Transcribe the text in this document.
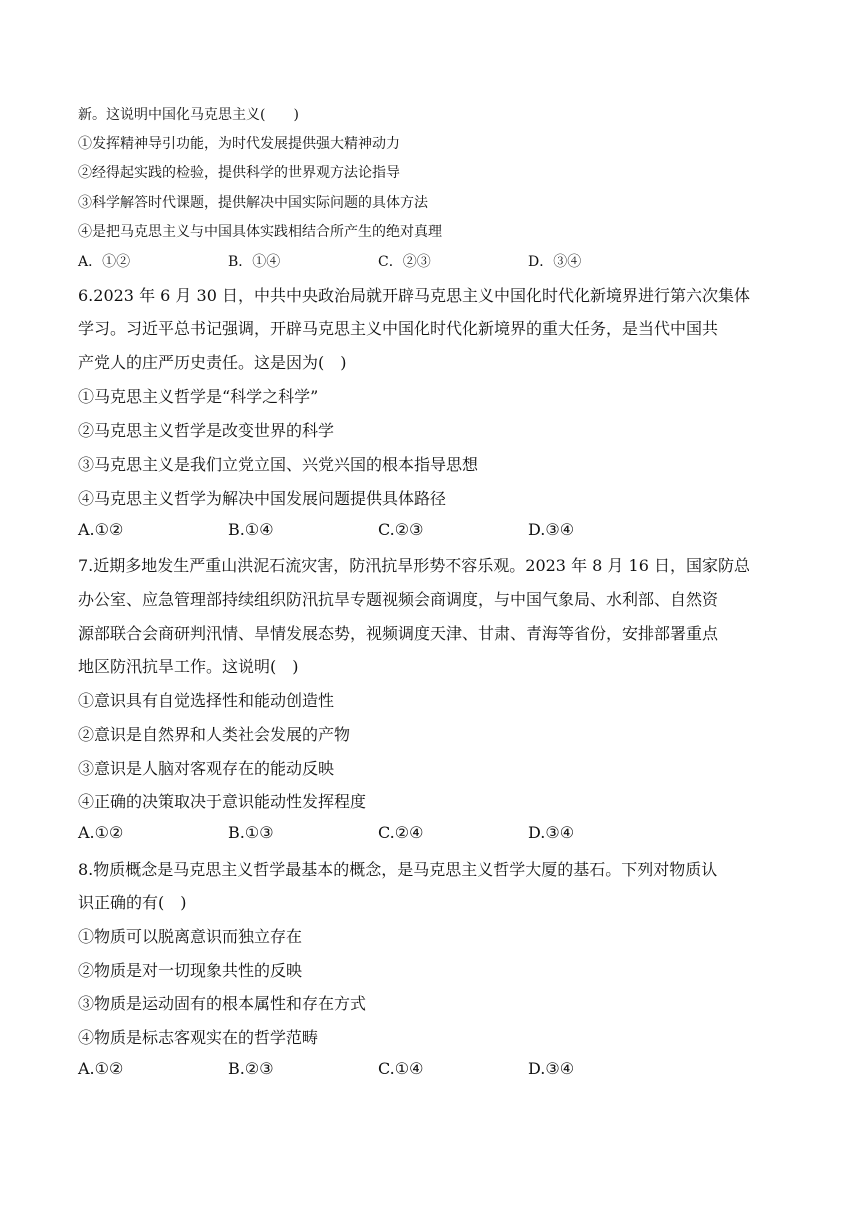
新。这说明中国化马克思主义(　　)
①发挥精神导引功能，为时代发展提供强大精神动力
②经得起实践的检验，提供科学的世界观方法论指导
③科学解答时代课题，提供解决中国实际问题的具体方法
④是把马克思主义与中国具体实践相结合所产生的绝对真理
A．①②	B．①④	C．②③	D．③④
6.2023 年 6 月 30 日，中共中央政治局就开辟马克思主义中国化时代化新境界进行第六次集体
学习。习近平总书记强调，开辟马克思主义中国化时代化新境界的重大任务，是当代中国共
产党人的庄严历史责任。这是因为(　)
①马克思主义哲学是“科学之科学”
②马克思主义哲学是改变世界的科学
③马克思主义是我们立党立国、兴党兴国的根本指导思想
④马克思主义哲学为解决中国发展问题提供具体路径
A.①②	B.①④	C.②③	D.③④
7.近期多地发生严重山洪泥石流灾害，防汛抗旱形势不容乐观。2023 年 8 月 16 日，国家防总
办公室、应急管理部持续组织防汛抗旱专题视频会商调度，与中国气象局、水利部、自然资
源部联合会商研判汛情、旱情发展态势，视频调度天津、甘肃、青海等省份，安排部署重点
地区防汛抗旱工作。这说明(　)
①意识具有自觉选择性和能动创造性
②意识是自然界和人类社会发展的产物
③意识是人脑对客观存在的能动反映
④正确的决策取决于意识能动性发挥程度
A.①②	B.①③	C.②④	D.③④
8.物质概念是马克思主义哲学最基本的概念，是马克思主义哲学大厦的基石。下列对物质认
识正确的有(　)
①物质可以脱离意识而独立存在
②物质是对一切现象共性的反映
③物质是运动固有的根本属性和存在方式
④物质是标志客观实在的哲学范畴
A.①②	B.②③	C.①④	D.③④
